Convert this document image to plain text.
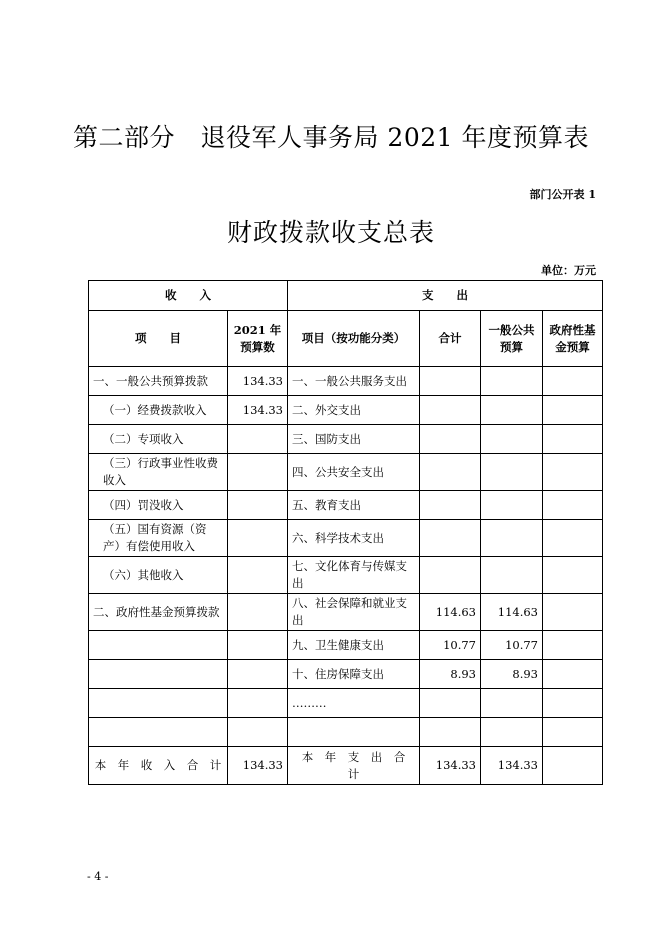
第二部分　退役军人事务局 2021 年度预算表
部门公开表 1
财政拨款收支总表
单位：万元
收　　入		支　　出			
项　　目	2021 年预算数	项目（按功能分类）	合计	一般公共预算	政府性基金预算
一、一般公共预算拨款	134.33	一、一般公共服务支出			
（一）经费拨款收入	134.33	二、外交支出			
（二）专项收入		三、国防支出			
（三）行政事业性收费收入		四、公共安全支出			
（四）罚没收入		五、教育支出			
（五）国有资源（资产）有偿使用收入		六、科学技术支出			
（六）其他收入		七、文化体育与传媒支出			
二、政府性基金预算拨款		八、社会保障和就业支出	114.63	114.63	
		九、卫生健康支出	10.77	10.77	
		十、住房保障支出	8.93	8.93	
		………			

本　年　收　入　合　计	134.33	本　年　支　出　合　计	134.33	134.33	
- 4 -
